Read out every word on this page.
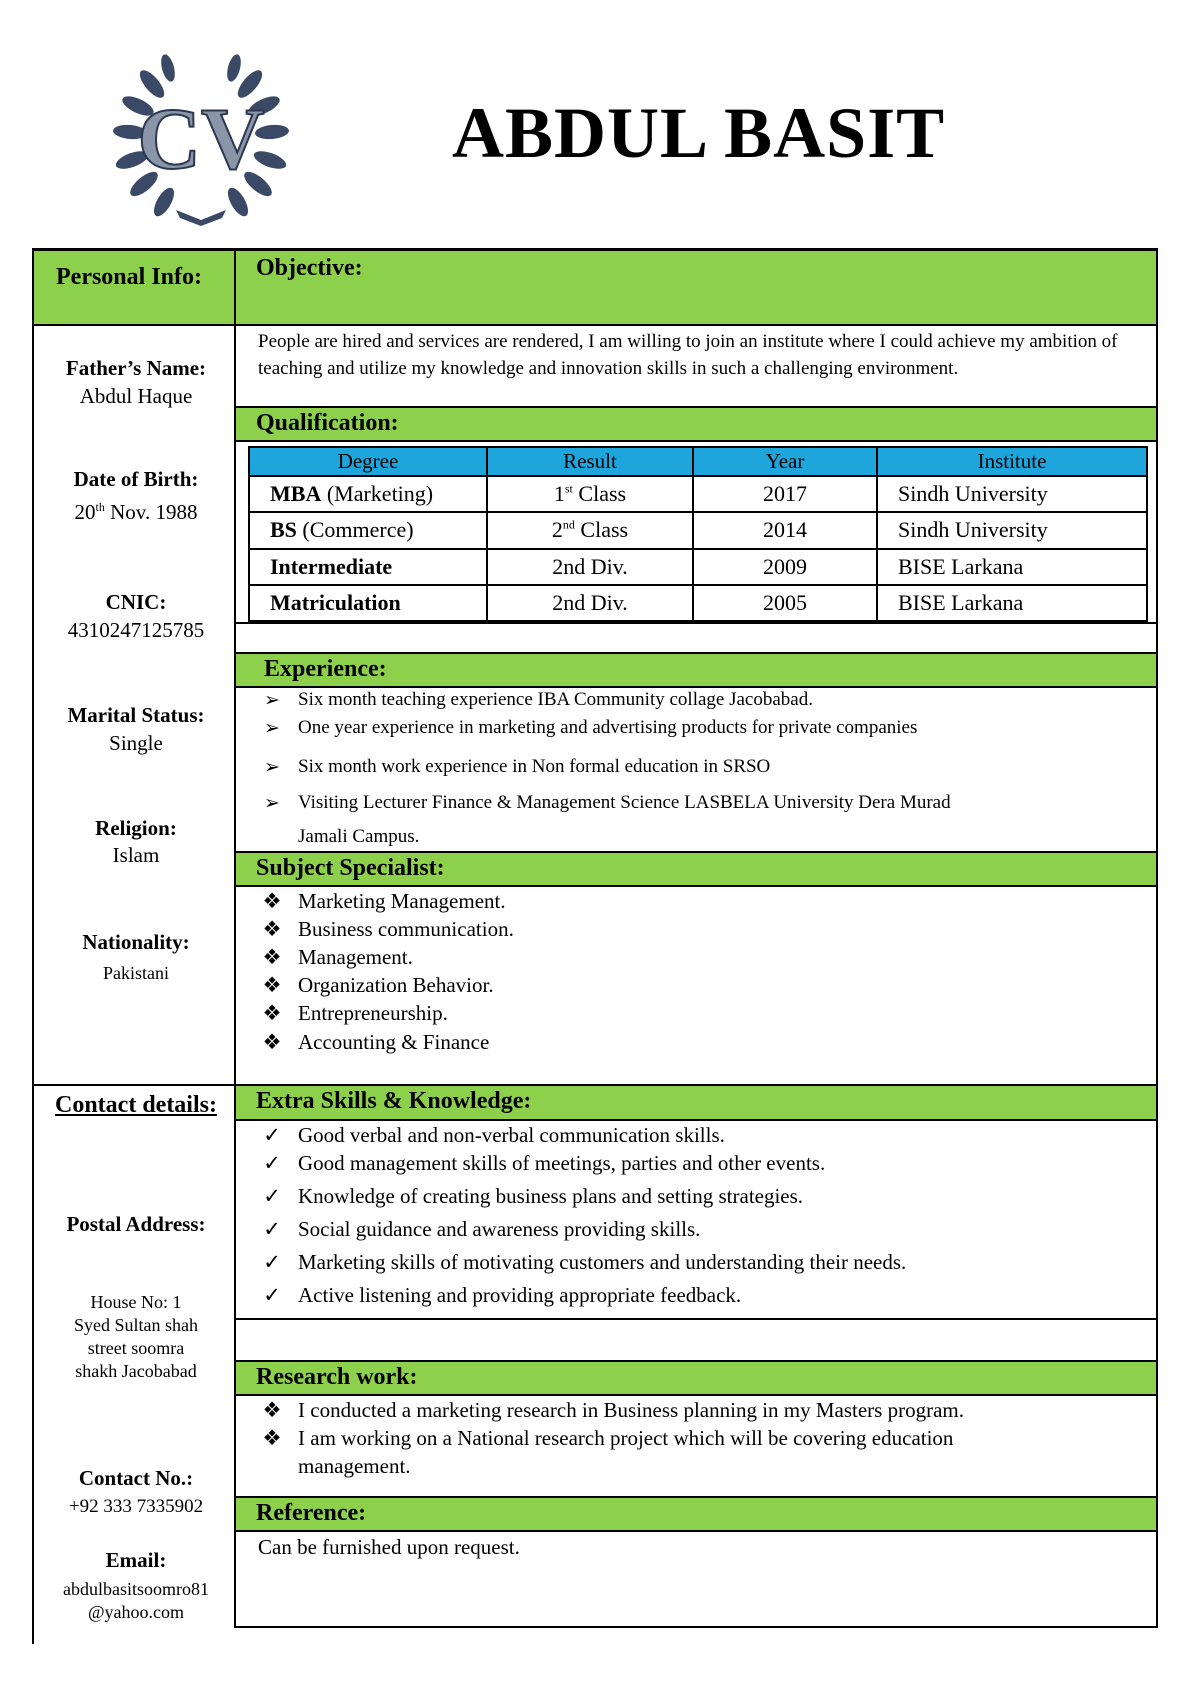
CV	ABDUL BASIT
Personal Info:
Father’s Name:
Abdul Haque
Date of Birth:
20th Nov. 1988
CNIC:
4310247125785
Marital Status:
Single
Religion:
Islam
Nationality:
Pakistani
Contact details:
Postal Address:
House No: 1
Syed Sultan shah
street soomra
shakh Jacobabad
Contact No.:
+92 333 7335902
Email:
abdulbasitsoomro81
@yahoo.com
Objective:
People are hired and services are rendered, I am willing to join an institute where I could achieve my ambition of teaching and utilize my knowledge and innovation skills in such a challenging environment.
Qualification:
Degree	Result	Year	Institute
MBA (Marketing)	1st Class	2017	Sindh University
BS (Commerce)	2nd Class	2014	Sindh University
Intermediate	2nd Div.	2009	BISE Larkana
Matriculation	2nd Div.	2005	BISE Larkana
Experience:
➢ Six month teaching experience IBA Community collage Jacobabad.
➢ One year experience in marketing and advertising products for private companies
➢ Six month work experience in Non formal education in SRSO
➢ Visiting Lecturer Finance & Management Science LASBELA University Dera Murad
Jamali Campus.
Subject Specialist:
❖ Marketing Management.
❖ Business communication.
❖ Management.
❖ Organization Behavior.
❖ Entrepreneurship.
❖ Accounting & Finance
Extra Skills & Knowledge:
✓ Good verbal and non-verbal communication skills.
✓ Good management skills of meetings, parties and other events.
✓ Knowledge of creating business plans and setting strategies.
✓ Social guidance and awareness providing skills.
✓ Marketing skills of motivating customers and understanding their needs.
✓ Active listening and providing appropriate feedback.
Research work:
❖ I conducted a marketing research in Business planning in my Masters program.
❖ I am working on a National research project which will be covering education
management.
Reference:
Can be furnished upon request.
